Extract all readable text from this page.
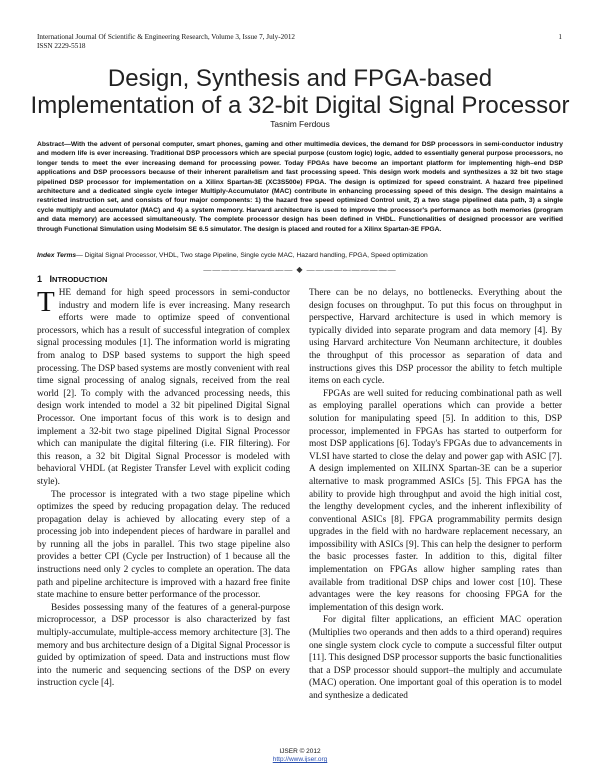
International Journal Of Scientific & Engineering Research, Volume 3, Issue 7, July-2012
ISSN 2229-5518
1
Design, Synthesis and FPGA-based
Implementation of a 32-bit Digital Signal Processor
Tasnim Ferdous

Abstract—With the advent of personal computer, smart phones, gaming and other multimedia devices, the demand for DSP processors in semi-conductor industry and modern life is ever increasing. Traditional DSP processors which are special purpose (custom logic) logic, added to essentially general purpose processors, no longer tends to meet the ever increasing demand for processing power. Today FPGAs have become an important platform for implementing high–end DSP applications and DSP processors because of their inherent parallelism and fast processing speed. This design work models and synthesizes a 32 bit two stage pipelined DSP processor for implementation on a Xilinx Spartan-3E (XC3S500e) FPGA. The design is optimized for speed constraint. A hazard free pipelined architecture and a dedicated single cycle integer Multiply-Accumulator (MAC) contribute in enhancing processing speed of this design. The design maintains a restricted instruction set, and consists of four major components: 1) the hazard free speed optimized Control unit, 2) a two stage pipelined data path, 3) a single cycle multiply and accumulator (MAC) and 4) a system memory. Harvard architecture is used to improve the processor's performance as both memories (program and data memory) are accessed simultaneously. The complete processor design has been defined in VHDL. Functionalities of designed processor are verified through Functional Simulation using Modelsim SE 6.5 simulator. The design is placed and routed for a Xilinx Spartan-3E FPGA.

Index Terms— Digital Signal Processor, VHDL, Two stage Pipeline, Single cycle MAC, Hazard handling, FPGA, Speed optimization

—————————— ◆ ——————————
1 INTRODUCTION

THE demand for high speed processors in semi-conductor industry and modern life is ever increasing. Many research efforts were made to optimize speed of conventional processors, which has a result of successful integration of complex signal processing modules [1]. The information world is migrating from analog to DSP based systems to support the high speed processing. The DSP based systems are mostly convenient with real time signal processing of analog signals, received from the real world [2]. To comply with the advanced processing needs, this design work intended to model a 32 bit pipelined Digital Signal Processor. One important focus of this work is to design and implement a 32-bit two stage pipelined Digital Signal Processor which can manipulate the digital filtering (i.e. FIR filtering). For this reason, a 32 bit Digital Signal Processor is modeled with behavioral VHDL (at Register Transfer Level with explicit coding style).

The processor is integrated with a two stage pipeline which optimizes the speed by reducing propagation delay. The reduced propagation delay is achieved by allocating every step of a processing job into independent pieces of hardware in parallel and by running all the jobs in parallel. This two stage pipeline also provides a better CPI (Cycle per Instruction) of 1 because all the instructions need only 2 cycles to complete an operation. The data path and pipeline architecture is improved with a hazard free finite state machine to ensure better performance of the processor.

Besides possessing many of the features of a general-purpose microprocessor, a DSP processor is also characterized by fast multiply-accumulate, multiple-access memory architecture [3]. The memory and bus architecture design of a Digital Signal Processor is guided by optimization of speed. Data and instructions must flow into the numeric and sequencing sections of the DSP on every instruction cycle [4].

There can be no delays, no bottlenecks. Everything about the design focuses on throughput. To put this focus on throughput in perspective, Harvard architecture is used in which memory is typically divided into separate program and data memory [4]. By using Harvard architecture Von Neumann architecture, it doubles the throughput of this processor as separation of data and instructions gives this DSP processor the ability to fetch multiple items on each cycle.

FPGAs are well suited for reducing combinational path as well as employing parallel operations which can provide a better solution for manipulating speed [5]. In addition to this, DSP processor, implemented in FPGAs has started to outperform for most DSP applications [6]. Today's FPGAs due to advancements in VLSI have started to close the delay and power gap with ASIC [7]. A design implemented on XILINX Spartan-3E can be a superior alternative to mask programmed ASICs [5]. This FPGA has the ability to provide high throughput and avoid the high initial cost, the lengthy development cycles, and the inherent inflexibility of conventional ASICs [8]. FPGA programmability permits design upgrades in the field with no hardware replacement necessary, an impossibility with ASICs [9]. This can help the designer to perform the basic processes faster. In addition to this, digital filter implementation on FPGAs allow higher sampling rates than available from traditional DSP chips and lower cost [10]. These advantages were the key reasons for choosing FPGA for the implementation of this design work.

For digital filter applications, an efficient MAC operation (Multiplies two operands and then adds to a third operand) requires one single system clock cycle to compute a successful filter output [11]. This designed DSP processor supports the basic functionalities that a DSP processor should support–the multiply and accumulate (MAC) operation. One important goal of this operation is to model and synthesize a dedicated

IJSER © 2012
http://www.ijser.org
